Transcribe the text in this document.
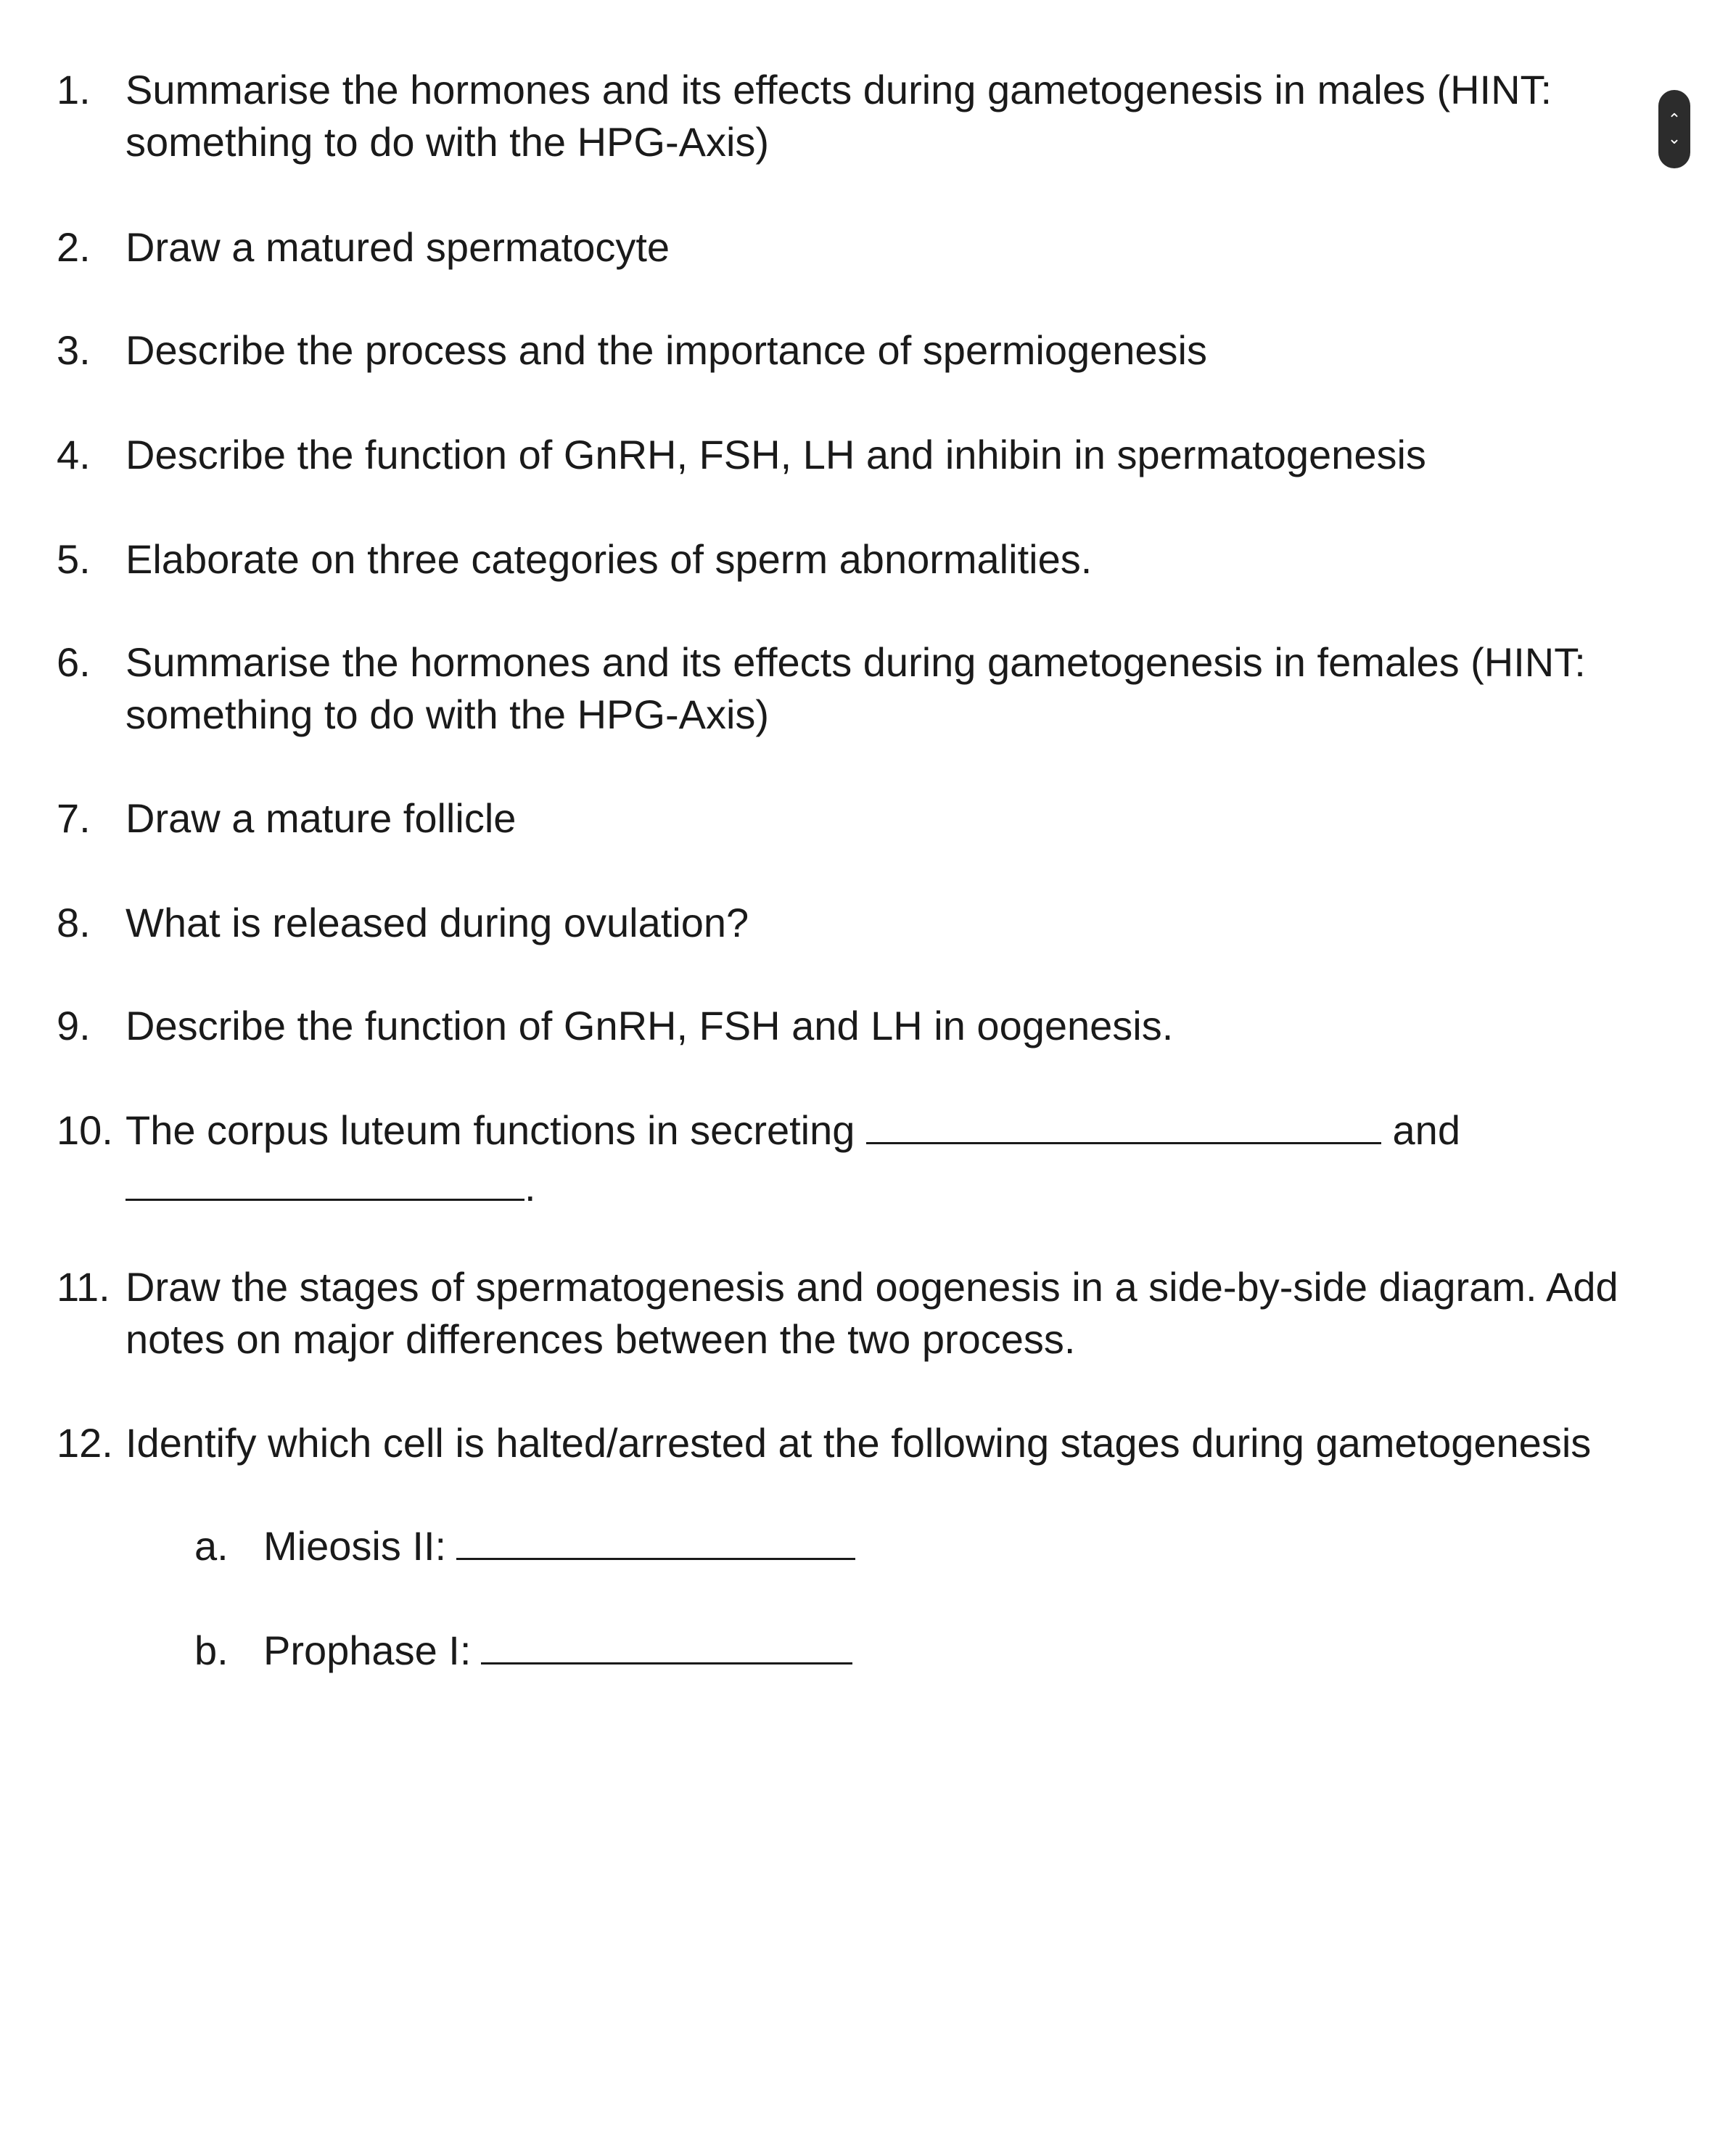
1. Summarise the hormones and its effects during gametogenesis in males (HINT:
something to do with the HPG-Axis)
2. Draw a matured spermatocyte
3. Describe the process and the importance of spermiogenesis
4. Describe the function of GnRH, FSH, LH and inhibin in spermatogenesis
5. Elaborate on three categories of sperm abnormalities.
6. Summarise the hormones and its effects during gametogenesis in females (HINT:
something to do with the HPG-Axis)
7. Draw a mature follicle
8. What is released during ovulation?
9. Describe the function of GnRH, FSH and LH in oogenesis.
10. The corpus luteum functions in secreting	and
.
11. Draw the stages of spermatogenesis and oogenesis in a side-by-side diagram. Add
notes on major differences between the two process.
12. Identify which cell is halted/arrested at the following stages during gametogenesis
a. Mieosis II:
b. Prophase I:
⌃
⌄
